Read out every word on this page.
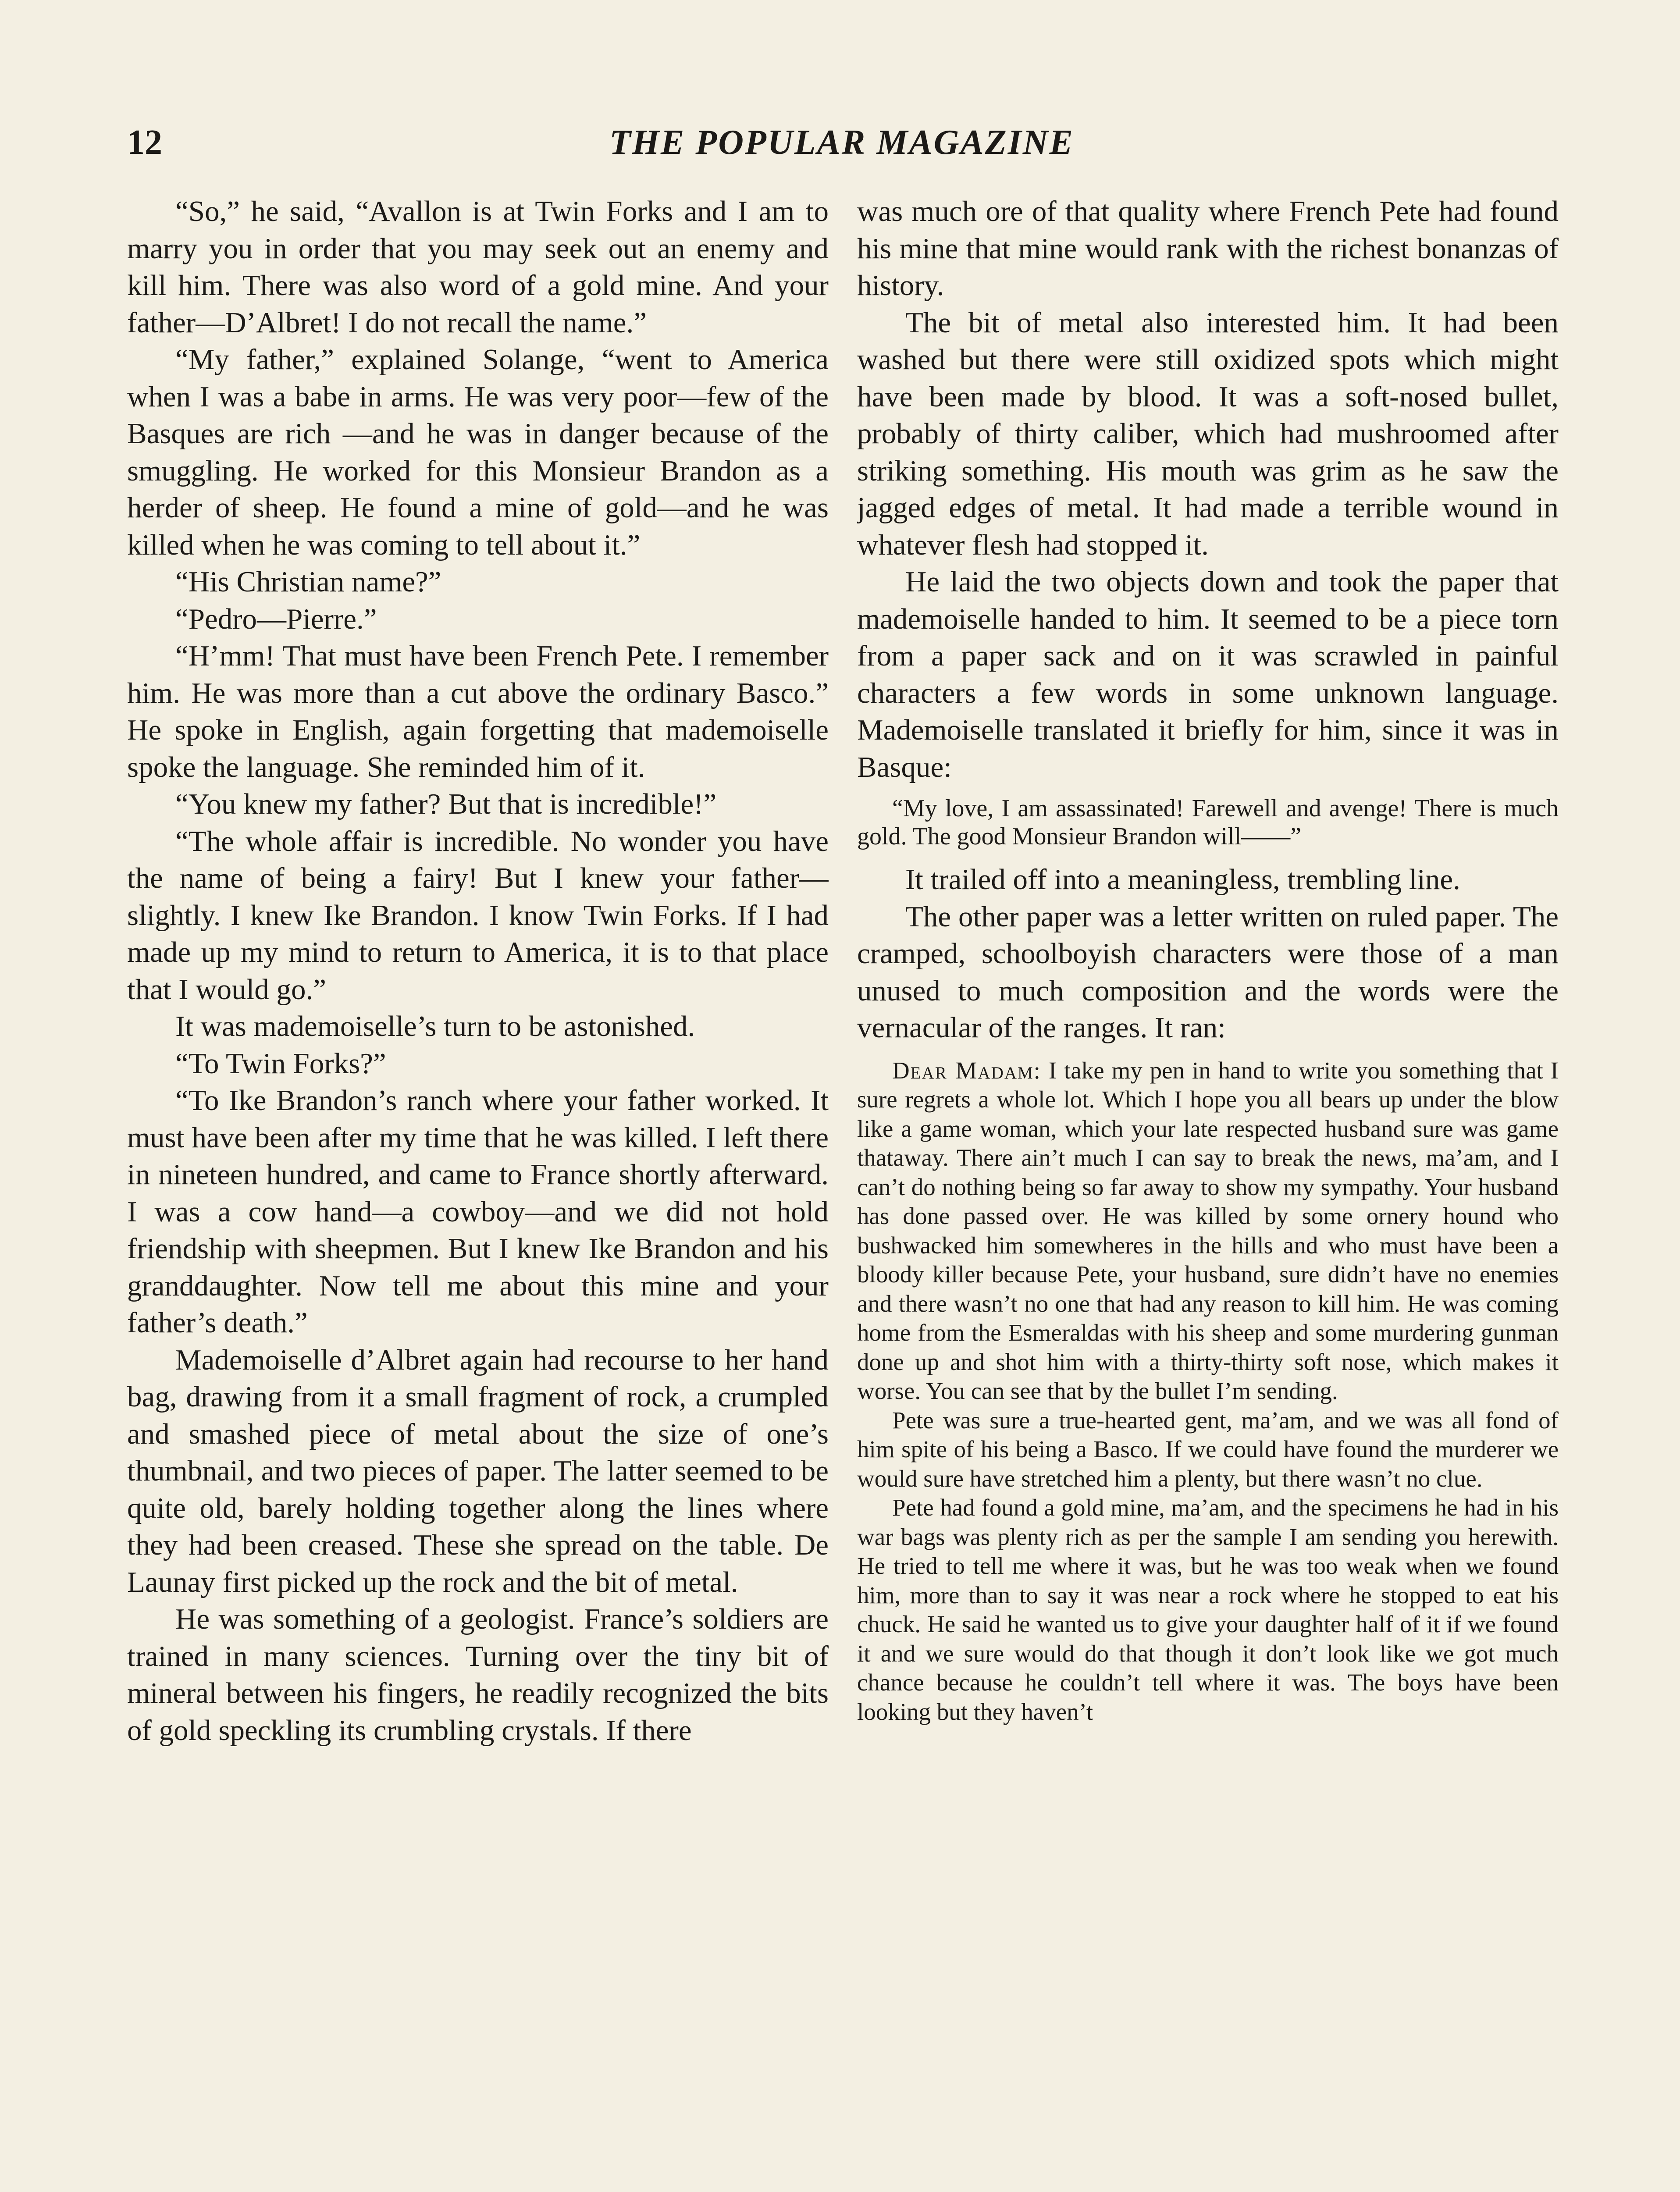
12	THE POPULAR MAGAZINE

“So,” he said, “Avallon is at Twin Forks and I am to marry you in order that you may seek out an enemy and kill him. There was also word of a gold mine. And your father—D’Albret! I do not recall the name.”

“My father,” explained Solange, “went to America when I was a babe in arms. He was very poor—few of the Basques are rich —and he was in danger because of the smuggling. He worked for this Monsieur Brandon as a herder of sheep. He found a mine of gold—and he was killed when he was coming to tell about it.”

“His Christian name?”

“Pedro—Pierre.”

“H’mm! That must have been French Pete. I remember him. He was more than a cut above the ordinary Basco.” He spoke in English, again forgetting that mademoiselle spoke the language. She reminded him of it.

“You knew my father? But that is incredible!”

“The whole affair is incredible. No wonder you have the name of being a fairy! But I knew your father—slightly. I knew Ike Brandon. I know Twin Forks. If I had made up my mind to return to America, it is to that place that I would go.”

It was mademoiselle’s turn to be astonished.

“To Twin Forks?”

“To Ike Brandon’s ranch where your father worked. It must have been after my time that he was killed. I left there in nineteen hundred, and came to France shortly afterward. I was a cow hand—a cowboy—and we did not hold friendship with sheepmen. But I knew Ike Brandon and his granddaughter. Now tell me about this mine and your father’s death.”

Mademoiselle d’Albret again had recourse to her hand bag, drawing from it a small fragment of rock, a crumpled and smashed piece of metal about the size of one’s thumbnail, and two pieces of paper. The latter seemed to be quite old, barely holding together along the lines where they had been creased. These she spread on the table. De Launay first picked up the rock and the bit of metal.

He was something of a geologist. France’s soldiers are trained in many sciences. Turning over the tiny bit of mineral between his fingers, he readily recognized the bits of gold speckling its crumbling crystals. If there

was much ore of that quality where French Pete had found his mine that mine would rank with the richest bonanzas of history.

The bit of metal also interested him. It had been washed but there were still oxidized spots which might have been made by blood. It was a soft-nosed bullet, probably of thirty caliber, which had mushroomed after striking something. His mouth was grim as he saw the jagged edges of metal. It had made a terrible wound in whatever flesh had stopped it.

He laid the two objects down and took the paper that mademoiselle handed to him. It seemed to be a piece torn from a paper sack and on it was scrawled in painful characters a few words in some unknown language. Mademoiselle translated it briefly for him, since it was in Basque:

“My love, I am assassinated! Farewell and avenge! There is much gold. The good Monsieur Brandon will——”

It trailed off into a meaningless, trembling line.

The other paper was a letter written on ruled paper. The cramped, schoolboyish characters were those of a man unused to much composition and the words were the vernacular of the ranges. It ran:

Dear Madam: I take my pen in hand to write you something that I sure regrets a whole lot. Which I hope you all bears up under the blow like a game woman, which your late respected husband sure was game thataway. There ain’t much I can say to break the news, ma’am, and I can’t do nothing being so far away to show my sympathy. Your husband has done passed over. He was killed by some ornery hound who bushwacked him somewheres in the hills and who must have been a bloody killer because Pete, your husband, sure didn’t have no enemies and there wasn’t no one that had any reason to kill him. He was coming home from the Esmeraldas with his sheep and some murdering gunman done up and shot him with a thirty-thirty soft nose, which makes it worse. You can see that by the bullet I’m sending.

Pete was sure a true-hearted gent, ma’am, and we was all fond of him spite of his being a Basco. If we could have found the murderer we would sure have stretched him a plenty, but there wasn’t no clue.

Pete had found a gold mine, ma’am, and the specimens he had in his war bags was plenty rich as per the sample I am sending you herewith. He tried to tell me where it was, but he was too weak when we found him, more than to say it was near a rock where he stopped to eat his chuck. He said he wanted us to give your daughter half of it if we found it and we sure would do that though it don’t look like we got much chance because he couldn’t tell where it was. The boys have been looking but they haven’t
